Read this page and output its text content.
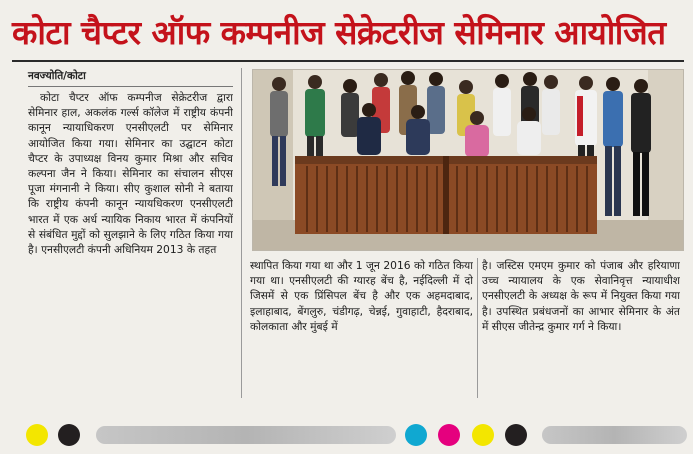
कोटा चैप्टर ऑफ कम्पनीज सेक्रेटरीज सेमिनार आयोजित
नवज्योति/कोटा

कोटा चैप्टर ऑफ कम्पनीज सेक्रेटरीज द्वारा सेमिनार हाल, अकलंक गर्ल्स कॉलेज में राष्ट्रीय कंपनी कानून न्यायाधिकरण एनसीएलटी पर सेमिनार आयोजित किया गया। सेमिनार का उद्घाटन कोटा चैप्टर के उपाध्यक्ष विनय कुमार मिश्रा और सचिव कल्पना जैन ने किया। सेमिनार का संचालन सीएस पूजा मंगनानी ने किया। सीए कुशाल सोनी ने बताया कि राष्ट्रीय कंपनी कानून न्यायधिकरण एनसीएलटी भारत में एक अर्ध न्यायिक निकाय भारत में कंपनियों से संबंधित मुद्दों को सुलझाने के लिए गठित किया गया है। एनसीएलटी कंपनी अधिनियम 2013 के तहत

स्थापित किया गया था और 1 जून 2016 को गठित किया गया था। एनसीएलटी की ग्यारह बेंच है, नईदिल्ली में दो जिसमें से एक प्रिंसिपल बेंच है और एक अहमदाबाद, इलाहाबाद, बेंगलुरु, चंडीगढ़, चेन्नई, गुवाहाटी, हैदराबाद, कोलकाता और मुंबई में

है। जस्टिस एमएम कुमार को पंजाब और हरियाणा उच्च न्यायालय के एक सेवानिवृत्त न्यायाधीश एनसीएलटी के अध्यक्ष के रूप में नियुक्त किया गया है। उपस्थित प्रबंधजनों का आभार सेमिनार के अंत में सीएस जीतेन्द्र कुमार गर्ग ने किया।
